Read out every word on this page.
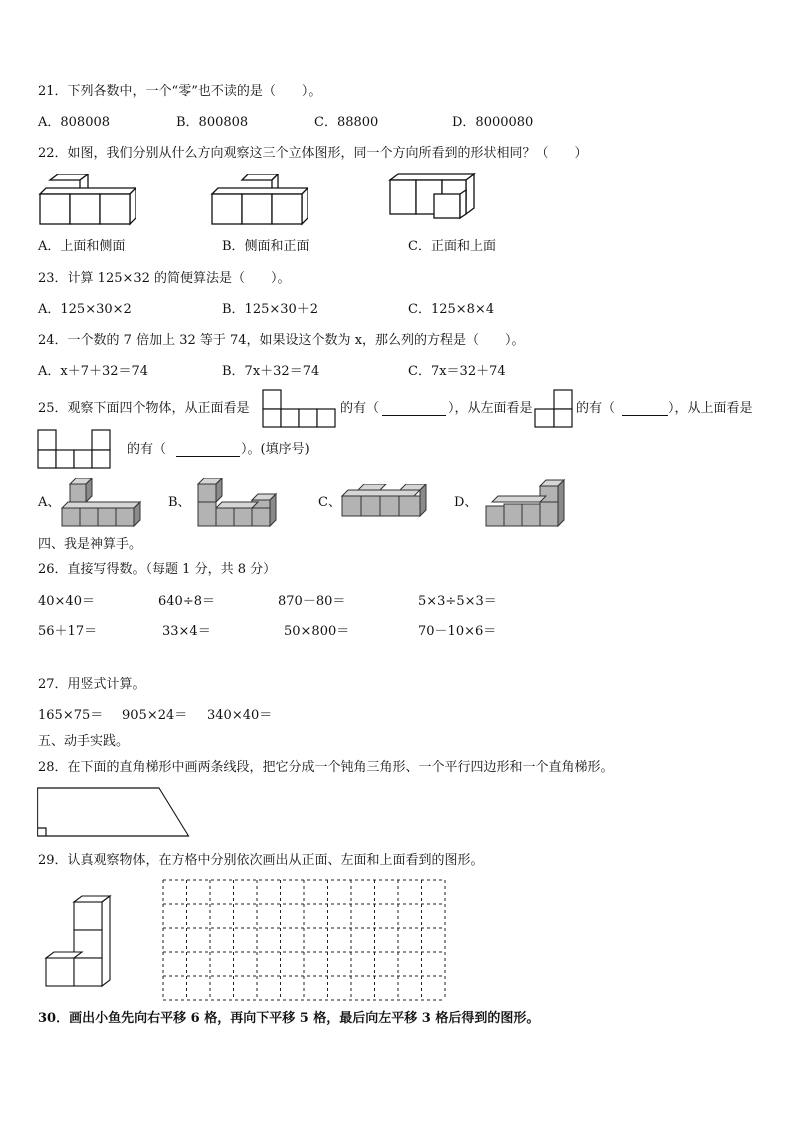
21．下列各数中，一个“零”也不读的是（　　）。
A．808008	B．800808	C．88800	D．8000080
22．如图，我们分别从什么方向观察这三个立体图形，同一个方向所看到的形状相同？（　　）
A．上面和侧面	B．侧面和正面	C．正面和上面
23．计算 125×32 的简便算法是（　　）。
A．125×30×2	B．125×30＋2	C．125×8×4
24．一个数的 7 倍加上 32 等于 74，如果设这个数为 x，那么列的方程是（　　）。
A．x＋7＋32＝74	B．7x＋32＝74	C．7x＝32＋74
25．观察下面四个物体，从正面看是	的有（	），从左面看是	的有（	），从上面看是
的有（	）。(填序号)
A、	B、	C、	D、
四、我是神算手。
26．直接写得数。（每题 1 分，共 8 分）
40×40＝	640÷8＝	870－80＝	5×3÷5×3＝
56＋17＝	33×4＝	50×800＝	70－10×6＝
27．用竖式计算。
165×75＝ 905×24＝ 340×40＝
五、动手实践。
28．在下面的直角梯形中画两条线段，把它分成一个钝角三角形、一个平行四边形和一个直角梯形。
29．认真观察物体，在方格中分别依次画出从正面、左面和上面看到的图形。
30．画出小鱼先向右平移 6 格，再向下平移 5 格，最后向左平移 3 格后得到的图形。
